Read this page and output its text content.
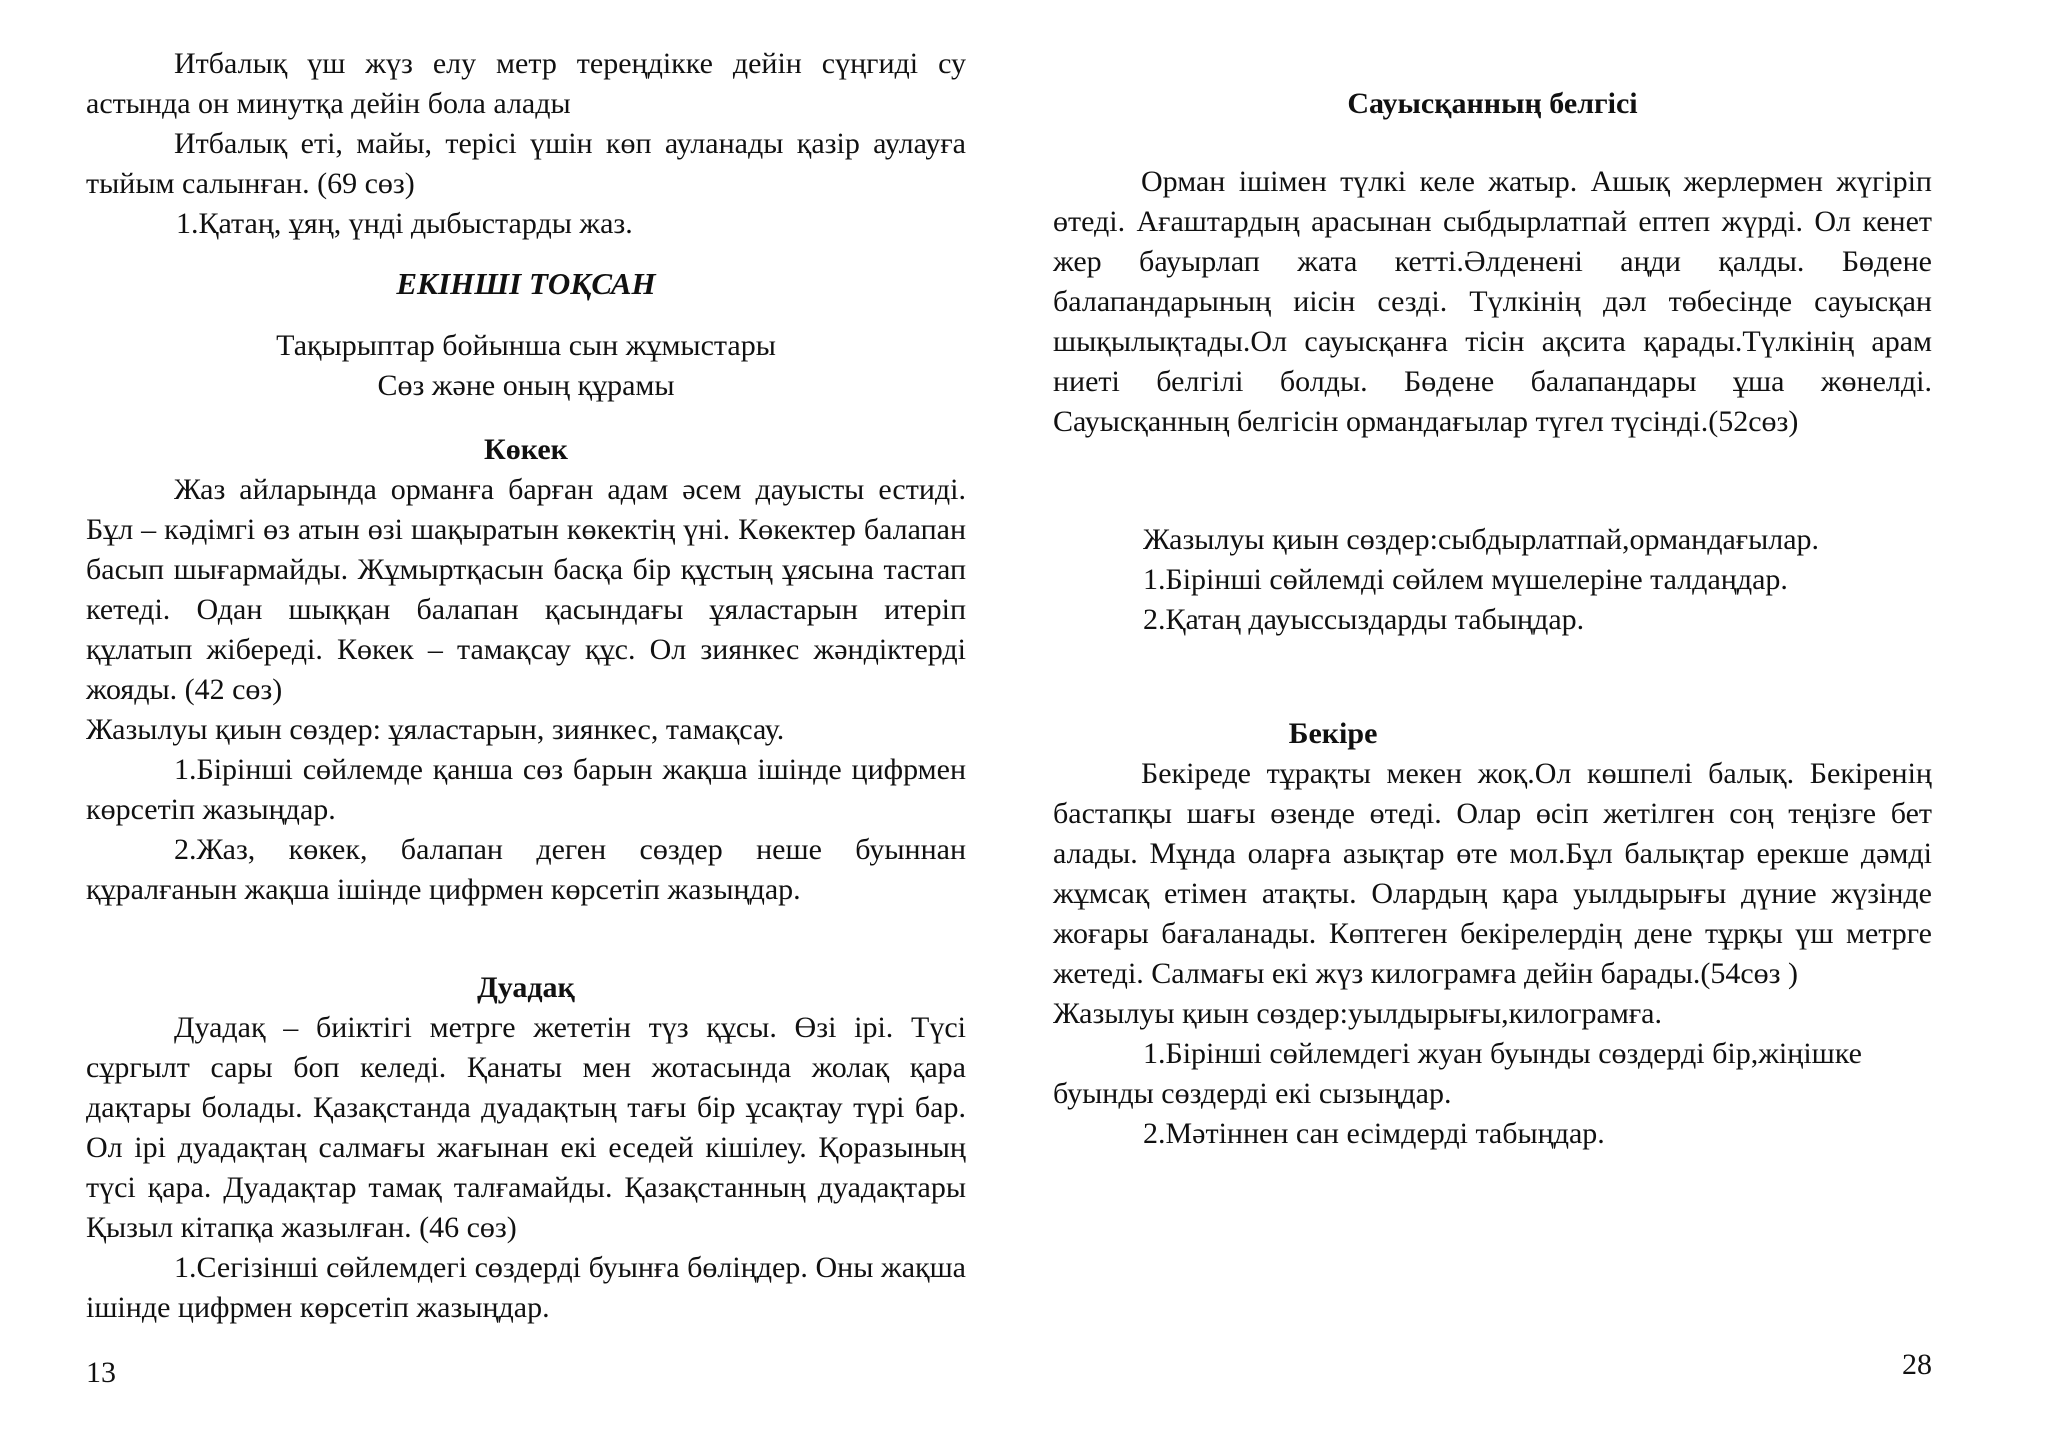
Итбалық үш жүз елу метр тереңдікке дейін сүңгиді су астында он минутқа дейін бола алады

Итбалық еті, майы, терісі үшін көп ауланады қазір аулауға тыйым салынған. (69 сөз)

1.Қатаң, ұяң, үнді дыбыстарды жаз.

ЕКІНШІ ТОҚСАН

Тақырыптар бойынша сын жұмыстары

Сөз және оның құрамы

Көкек

Жаз айларында орманға барған адам әсем дауысты естиді. Бұл – кәдімгі өз атын өзі шақыратын көкектің үні. Көкектер балапан басып шығармайды. Жұмыртқасын басқа бір құстың ұясына тастап кетеді. Одан шыққан балапан қасындағы ұяластарын итеріп құлатып жібереді. Көкек – тамақсау құс. Ол зиянкес жәндіктерді жояды. (42 сөз)

Жазылуы қиын сөздер: ұяластарын, зиянкес, тамақсау.

1.Бірінші сөйлемде қанша сөз барын жақша ішінде цифрмен көрсетіп жазыңдар.

2.Жаз, көкек, балапан деген сөздер неше буыннан құралғанын жақша ішінде цифрмен көрсетіп жазыңдар.

Дуадақ

Дуадақ – биіктігі метрге жететін түз құсы. Өзі ірі. Түсі сұргылт сары боп келеді. Қанаты мен жотасында жолақ қара дақтары болады. Қазақстанда дуадақтың тағы бір ұсақтау түрі бар. Ол ірі дуадақтаң салмағы жағынан екі еседей кішілеу. Қоразының түсі қара. Дуадақтар тамақ талғамайды. Қазақстанның дуадақтары Қызыл кітапқа жазылған. (46 сөз)

1.Сегізінші сөйлемдегі сөздерді буынға бөліңдер. Оны жақша ішінде цифрмен көрсетіп жазыңдар.

13

Сауысқанның белгісі

Орман ішімен түлкі келе жатыр. Ашық жерлермен жүгіріп өтеді. Ағаштардың арасынан сыбдырлатпай ептеп жүрді. Ол кенет жер бауырлап жата кетті.Әлденені аңди қалды. Бөдене балапандарының иісін сезді. Түлкінің дәл төбесінде сауысқан шықылықтады.Ол сауысқанға тісін ақсита қарады.Түлкінің арам ниеті белгілі болды. Бөдене балапандары ұша жөнелді. Сауысқанның белгісін ормандағылар түгел түсінді.(52сөз)

Жазылуы қиын сөздер:сыбдырлатпай,ормандағылар.

1.Бірінші сөйлемді сөйлем мүшелеріне талдаңдар.

2.Қатаң дауыссыздарды табыңдар.

Бекіре

Бекіреде тұрақты мекен жоқ.Ол көшпелі балық. Бекіренің бастапқы шағы өзенде өтеді. Олар өсіп жетілген соң теңізге бет алады. Мұнда оларға азықтар өте мол.Бұл балықтар ерекше дәмді жұмсақ етімен атақты. Олардың қара уылдырығы дүние жүзінде жоғары бағаланады. Көптеген бекірелердің дене тұрқы үш метрге жетеді. Салмағы екі жүз килограмға дейін барады.(54сөз )

Жазылуы қиын сөздер:уылдырығы,килограмға.

1.Бірінші сөйлемдегі жуан буынды сөздерді бір,жіңішке буынды сөздерді екі сызыңдар.

2.Мәтіннен сан есімдерді табыңдар.

28
